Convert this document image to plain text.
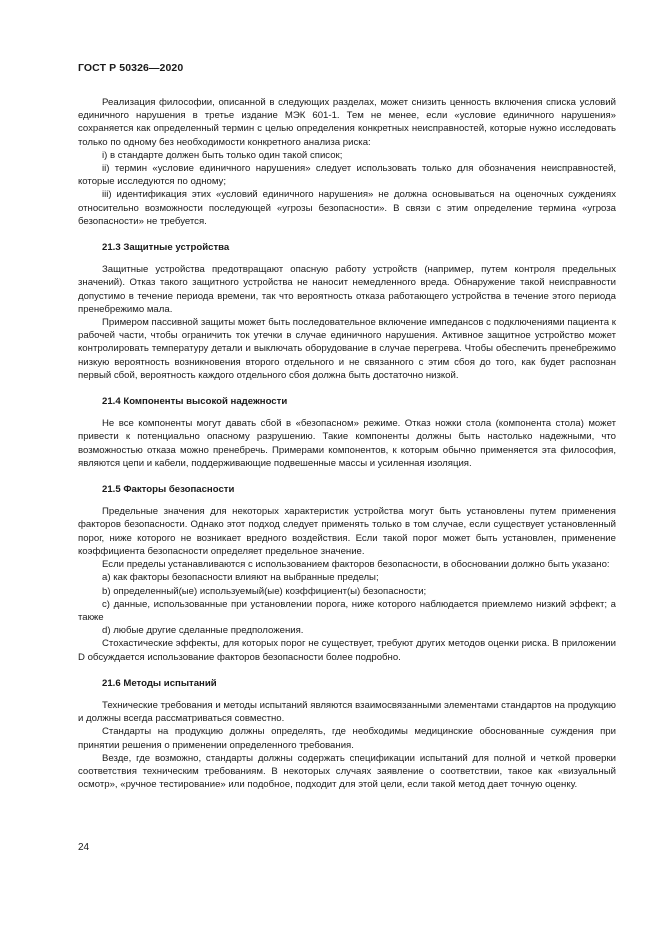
ГОСТ Р 50326—2020

Реализация философии, описанной в следующих разделах, может снизить ценность включения списка условий единичного нарушения в третье издание МЭК 601-1. Тем не менее, если «условие единичного нарушения» сохраняется как определенный термин с целью определения конкретных неисправностей, которые нужно исследовать только по одному без необходимости конкретного анализа риска:

i) в стандарте должен быть только один такой список;

ii) термин «условие единичного нарушения» следует использовать только для обозначения неисправностей, которые исследуются по одному;

iii) идентификация этих «условий единичного нарушения» не должна основываться на оценочных суждениях относительно возможности последующей «угрозы безопасности». В связи с этим определение термина «угроза безопасности» не требуется.

21.3 Защитные устройства

Защитные устройства предотвращают опасную работу устройств (например, путем контроля предельных значений). Отказ такого защитного устройства не наносит немедленного вреда. Обнаружение такой неисправности допустимо в течение периода времени, так что вероятность отказа работающего устройства в течение этого периода пренебрежимо мала.

Примером пассивной защиты может быть последовательное включение импедансов с подключениями пациента к рабочей части, чтобы ограничить ток утечки в случае единичного нарушения. Активное защитное устройство может контролировать температуру детали и выключать оборудование в случае перегрева. Чтобы обеспечить пренебрежимо низкую вероятность возникновения второго отдельного и не связанного с этим сбоя до того, как будет распознан первый сбой, вероятность каждого отдельного сбоя должна быть достаточно низкой.

21.4 Компоненты высокой надежности

Не все компоненты могут давать сбой в «безопасном» режиме. Отказ ножки стола (компонента стола) может привести к потенциально опасному разрушению. Такие компоненты должны быть настолько надежными, что возможностью отказа можно пренебречь. Примерами компонентов, к которым обычно применяется эта философия, являются цепи и кабели, поддерживающие подвешенные массы и усиленная изоляция.

21.5 Факторы безопасности

Предельные значения для некоторых характеристик устройства могут быть установлены путем применения факторов безопасности. Однако этот подход следует применять только в том случае, если существует установленный порог, ниже которого не возникает вредного воздействия. Если такой порог может быть установлен, применение коэффициента безопасности определяет предельное значение.

Если пределы устанавливаются с использованием факторов безопасности, в обосновании должно быть указано:

a) как факторы безопасности влияют на выбранные пределы;

b) определенный(ые) используемый(ые) коэффициент(ы) безопасности;

c) данные, использованные при установлении порога, ниже которого наблюдается приемлемо низкий эффект; а также

d) любые другие сделанные предположения.

Стохастические эффекты, для которых порог не существует, требуют других методов оценки риска. В приложении D обсуждается использование факторов безопасности более подробно.

21.6 Методы испытаний

Технические требования и методы испытаний являются взаимосвязанными элементами стандартов на продукцию и должны всегда рассматриваться совместно.

Стандарты на продукцию должны определять, где необходимы медицинские обоснованные суждения при принятии решения о применении определенного требования.

Везде, где возможно, стандарты должны содержать спецификации испытаний для полной и четкой проверки соответствия техническим требованиям. В некоторых случаях заявление о соответствии, такое как «визуальный осмотр», «ручное тестирование» или подобное, подходит для этой цели, если такой метод дает точную оценку.

24
